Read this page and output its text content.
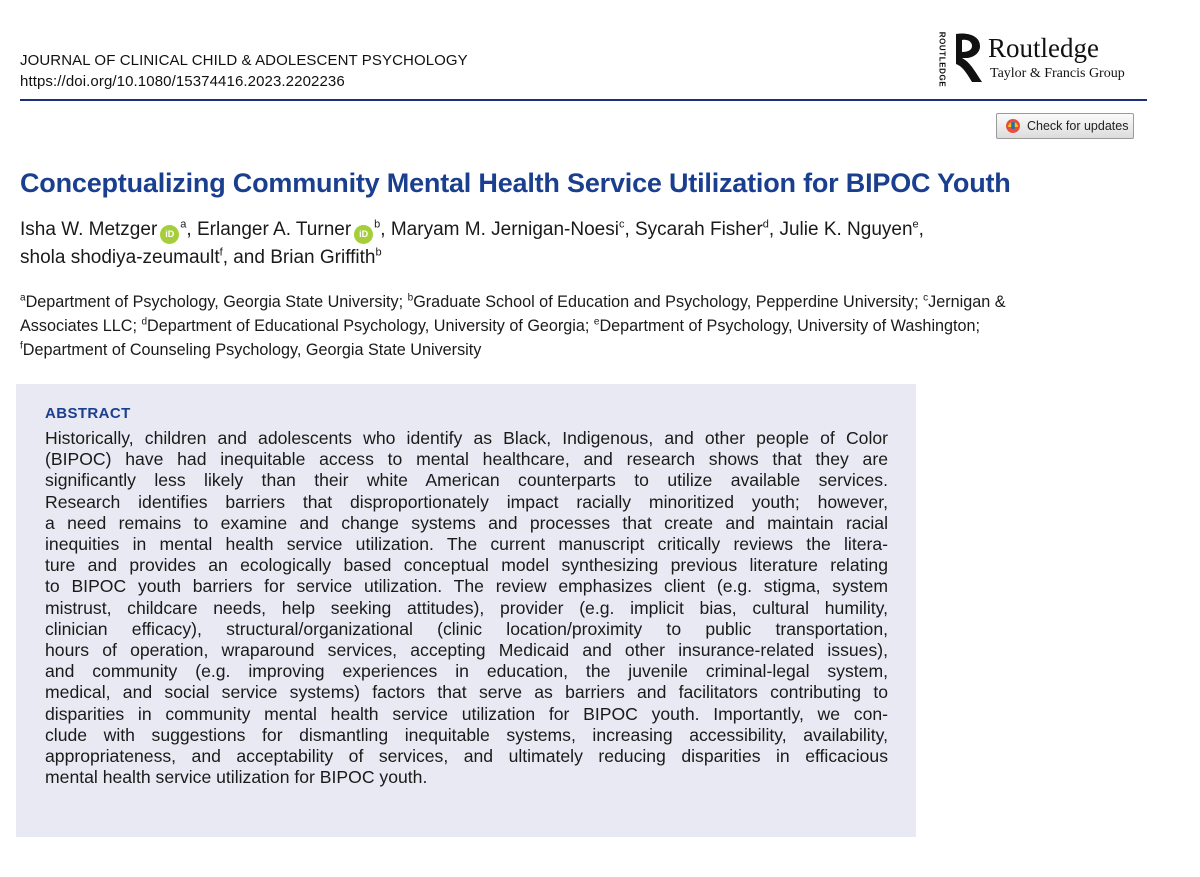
JOURNAL OF CLINICAL CHILD & ADOLESCENT PSYCHOLOGY
https://doi.org/10.1080/15374416.2023.2202236	ROUTLEDGE Routledge
Taylor & Francis Group
Check for updates
Conceptualizing Community Mental Health Service Utilization for BIPOC Youth
Isha W. Metzger $iD^a$, Erlanger A. Turner $iD^b$, Maryam M. Jernigan-Noesi$^c$, Sycarah Fisher$^d$, Julie K. Nguyen$^e$,
shola shodiya-zeumault$^f$, and Brian Griffith$^b$
$^a$Department of Psychology, Georgia State University; $^b$Graduate School of Education and Psychology, Pepperdine University; $^c$Jernigan &
Associates LLC; $^d$Department of Educational Psychology, University of Georgia; $^e$Department of Psychology, University of Washington;
$^f$Department of Counseling Psychology, Georgia State University
ABSTRACT
Historically, children and adolescents who identify as Black, Indigenous, and other people of Color
(BIPOC) have had inequitable access to mental healthcare, and research shows that they are
significantly less likely than their white American counterparts to utilize available services.
Research identifies barriers that disproportionately impact racially minoritized youth; however,
a need remains to examine and change systems and processes that create and maintain racial
inequities in mental health service utilization. The current manuscript critically reviews the litera-
ture and provides an ecologically based conceptual model synthesizing previous literature relating
to BIPOC youth barriers for service utilization. The review emphasizes client (e.g. stigma, system
mistrust, childcare needs, help seeking attitudes), provider (e.g. implicit bias, cultural humility,
clinician efficacy), structural/organizational (clinic location/proximity to public transportation,
hours of operation, wraparound services, accepting Medicaid and other insurance-related issues),
and community (e.g. improving experiences in education, the juvenile criminal-legal system,
medical, and social service systems) factors that serve as barriers and facilitators contributing to
disparities in community mental health service utilization for BIPOC youth. Importantly, we con-
clude with suggestions for dismantling inequitable systems, increasing accessibility, availability,
appropriateness, and acceptability of services, and ultimately reducing disparities in efficacious
mental health service utilization for BIPOC youth.
